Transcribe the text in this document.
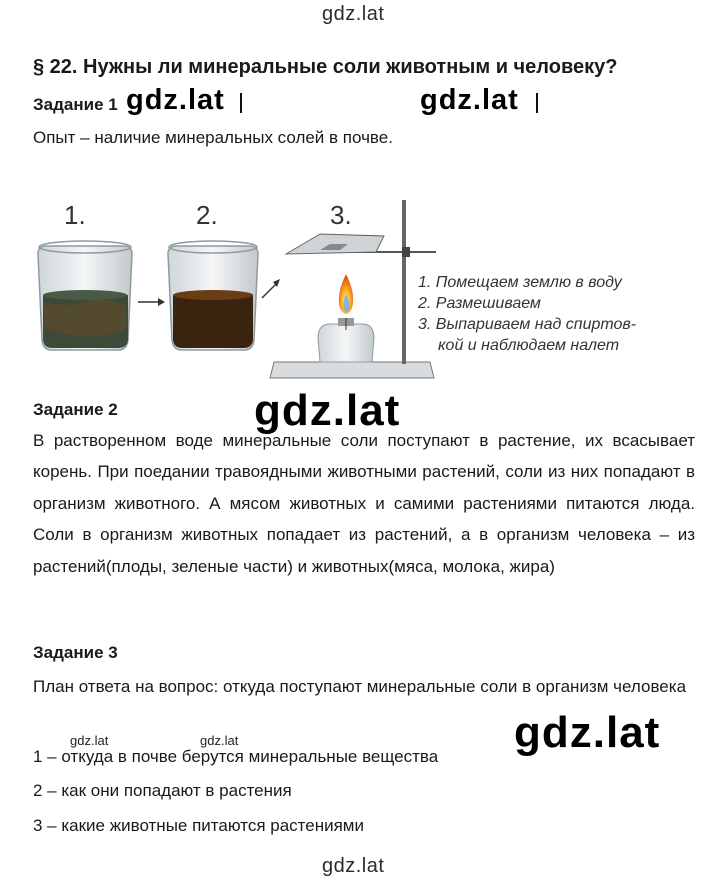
gdz.lat
§ 22. Нужны ли минеральные соли животным и человеку?
Задание 1 gdz.lat	gdz.lat
Опыт – наличие минеральных солей в почве.
1.	2.	3.
1. Помещаем землю в воду
2. Размешиваем
3. Выпариваем над спиртов-
кой и наблюдаем налет
Задание 2
В растворенном воде минеральные соли поступают в растение, их всасывает корень. При поедании травоядными животными растений, соли из них попадают в организм животного. А мясом животных и самими растениями питаются люда. Соли в организм животных попадает из растений, а в организм человека – из растений(плоды, зеленые части) и животных(мяса, молока, жира)
gdz.lat
Задание 3
План ответа на вопрос: откуда поступают минеральные соли в организм человека
1 – откуда в почве берутся минеральные вещества
2 – как они попадают в растения
3 – какие животные питаются растениями
gdz.lat	gdz.lat	gdz.lat
gdz.lat
